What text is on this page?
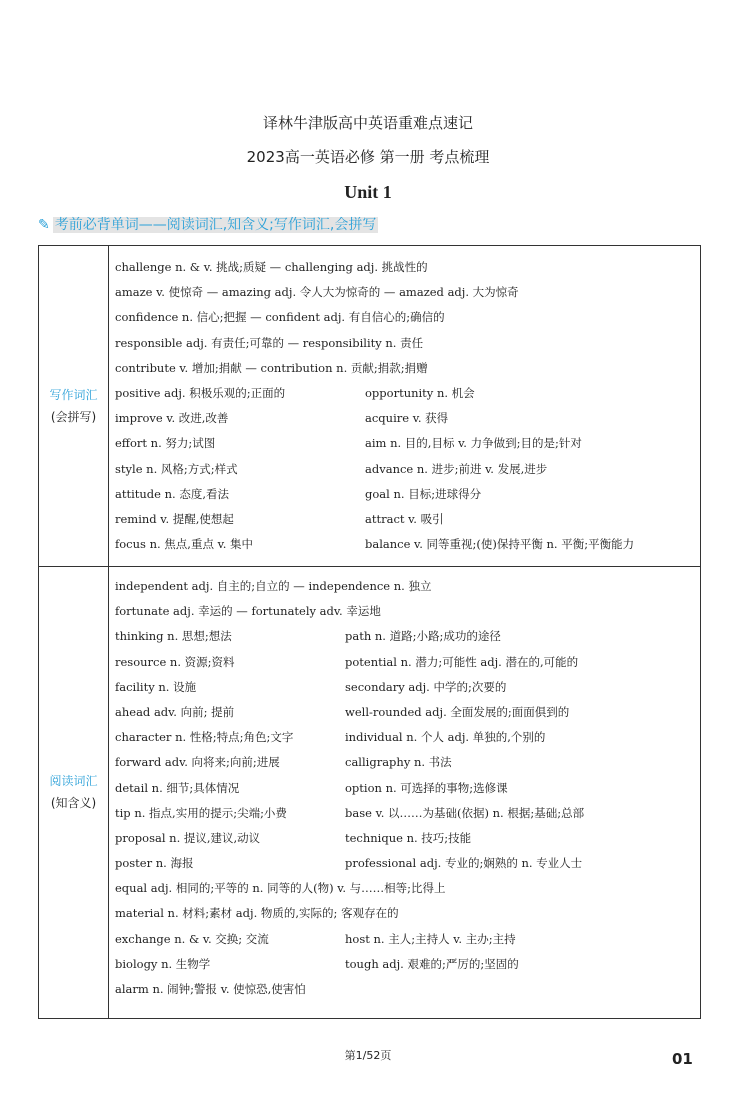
译林牛津版高中英语重难点速记
2023高一英语必修 第一册 考点梳理
Unit 1
✎ 考前必背单词——阅读词汇,知含义;写作词汇,会拼写
写作词汇
(会拼写)
challenge n. & v. 挑战;质疑 — challenging adj. 挑战性的
amaze v. 使惊奇 — amazing adj. 令人大为惊奇的 — amazed adj. 大为惊奇
confidence n. 信心;把握 — confident adj. 有自信心的;确信的
responsible adj. 有责任;可靠的 — responsibility n. 责任
contribute v. 增加;捐献 — contribution n. 贡献;捐款;捐赠
positive adj. 积极乐观的;正面的	opportunity n. 机会
improve v. 改进,改善	acquire v. 获得
effort n. 努力;试图	aim n. 目的,目标 v. 力争做到;目的是;针对
style n. 风格;方式;样式	advance n. 进步;前进 v. 发展,进步
attitude n. 态度,看法	goal n. 目标;进球得分
remind v. 提醒,使想起	attract v. 吸引
focus n. 焦点,重点 v. 集中	balance v. 同等重视;(使)保持平衡 n. 平衡;平衡能力
阅读词汇
(知含义)
independent adj. 自主的;自立的 — independence n. 独立
fortunate adj. 幸运的 — fortunately adv. 幸运地
thinking n. 思想;想法	path n. 道路;小路;成功的途径
resource n. 资源;资料	potential n. 潜力;可能性 adj. 潜在的,可能的
facility n. 设施	secondary adj. 中学的;次要的
ahead adv. 向前; 提前	well-rounded adj. 全面发展的;面面俱到的
character n. 性格;特点;角色;文字	individual n. 个人 adj. 单独的,个别的
forward adv. 向将来;向前;进展	calligraphy n. 书法
detail n. 细节;具体情况	option n. 可选择的事物;选修课
tip n. 指点,实用的提示;尖端;小费	base v. 以……为基础(依据) n. 根据;基础;总部
proposal n. 提议,建议,动议	technique n. 技巧;技能
poster n. 海报	professional adj. 专业的;娴熟的 n. 专业人士
equal adj. 相同的;平等的 n. 同等的人(物) v. 与……相等;比得上
material n. 材料;素材 adj. 物质的,实际的; 客观存在的
exchange n. & v. 交换; 交流	host n. 主人;主持人 v. 主办;主持
biology n. 生物学	tough adj. 艰难的;严厉的;坚固的
alarm n. 闹钟;警报 v. 使惊恐,使害怕
第1/52页	01
